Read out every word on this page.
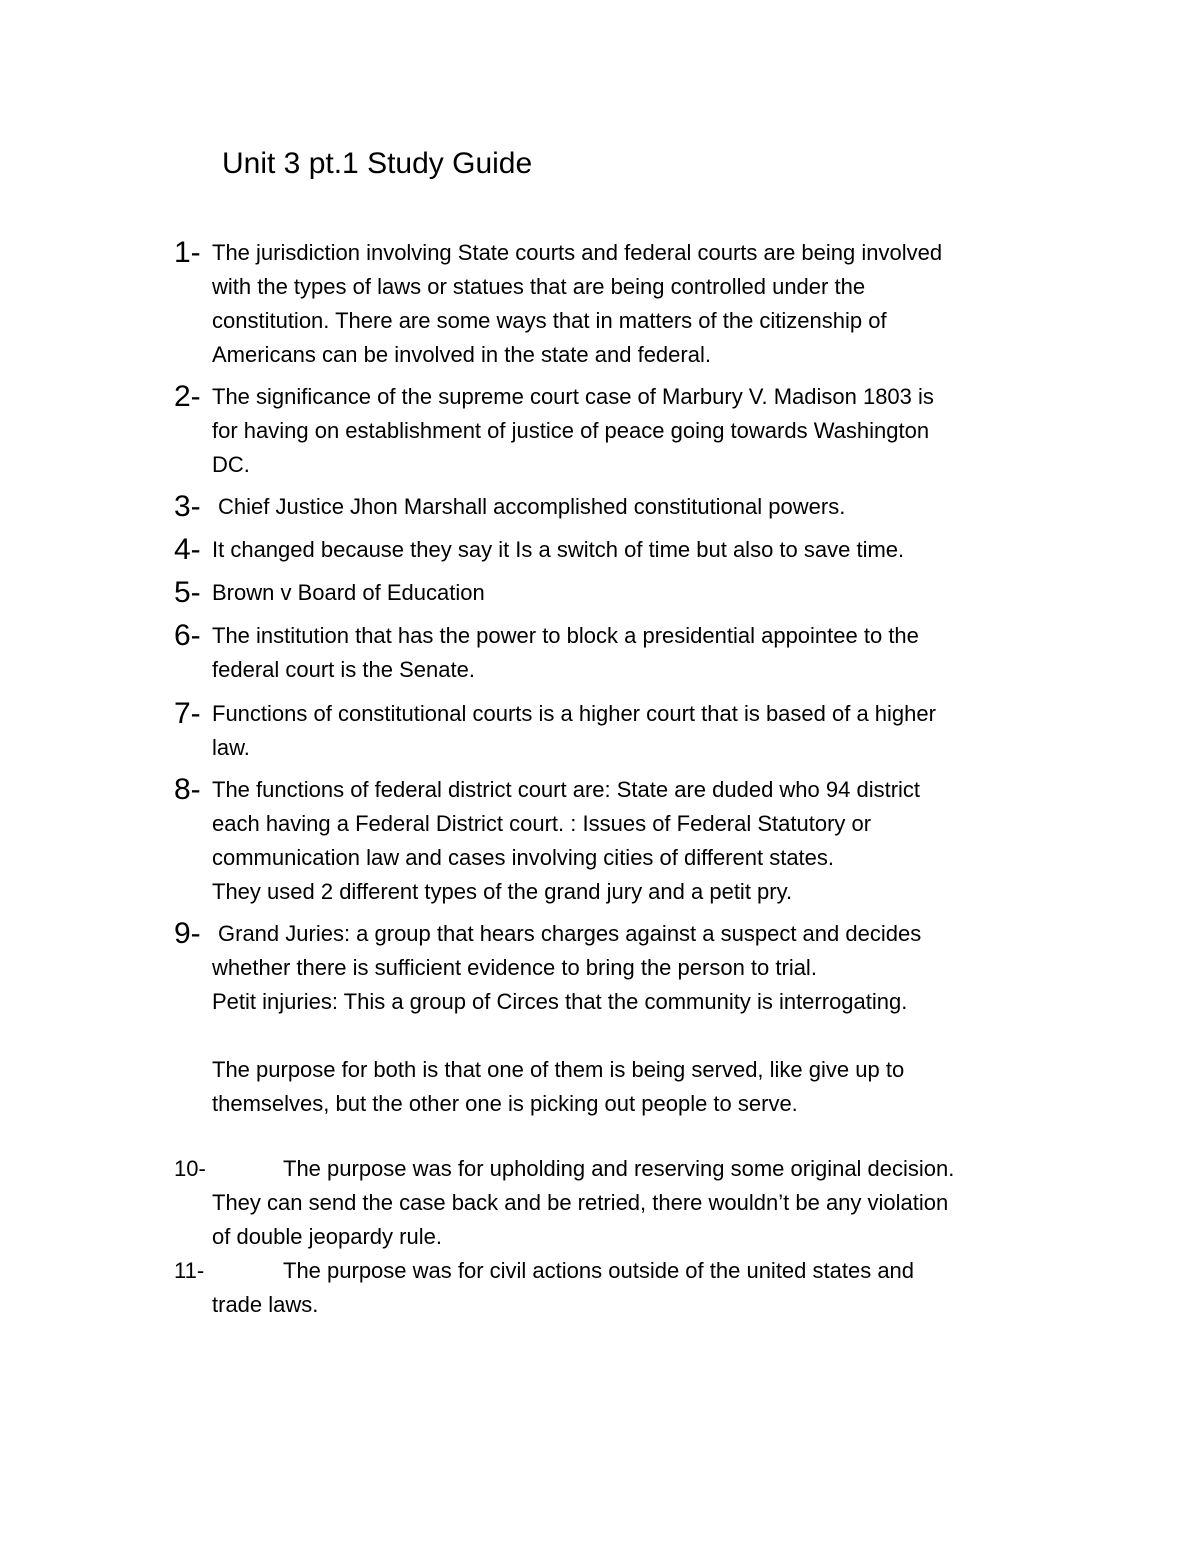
Unit 3 pt.1 Study Guide
1- The jurisdiction involving State courts and federal courts are being involved
with the types of laws or statues that are being controlled under the
constitution. There are some ways that in matters of the citizenship of
Americans can be involved in the state and federal.
2- The significance of the supreme court case of Marbury V. Madison 1803 is
for having on establishment of justice of peace going towards Washington
DC.
3- Chief Justice Jhon Marshall accomplished constitutional powers.
4- It changed because they say it Is a switch of time but also to save time.
5- Brown v Board of Education
6- The institution that has the power to block a presidential appointee to the
federal court is the Senate.
7- Functions of constitutional courts is a higher court that is based of a higher
law.
8- The functions of federal district court are: State are duded who 94 district
each having a Federal District court. : Issues of Federal Statutory or
communication law and cases involving cities of different states.
They used 2 different types of the grand jury and a petit pry.
9- Grand Juries: a group that hears charges against a suspect and decides
whether there is sufficient evidence to bring the person to trial.
Petit injuries: This a group of Circes that the community is interrogating.
The purpose for both is that one of them is being served, like give up to
themselves, but the other one is picking out people to serve.
10-	The purpose was for upholding and reserving some original decision.
They can send the case back and be retried, there wouldn’t be any violation
of double jeopardy rule.
11-	The purpose was for civil actions outside of the united states and
trade laws.
